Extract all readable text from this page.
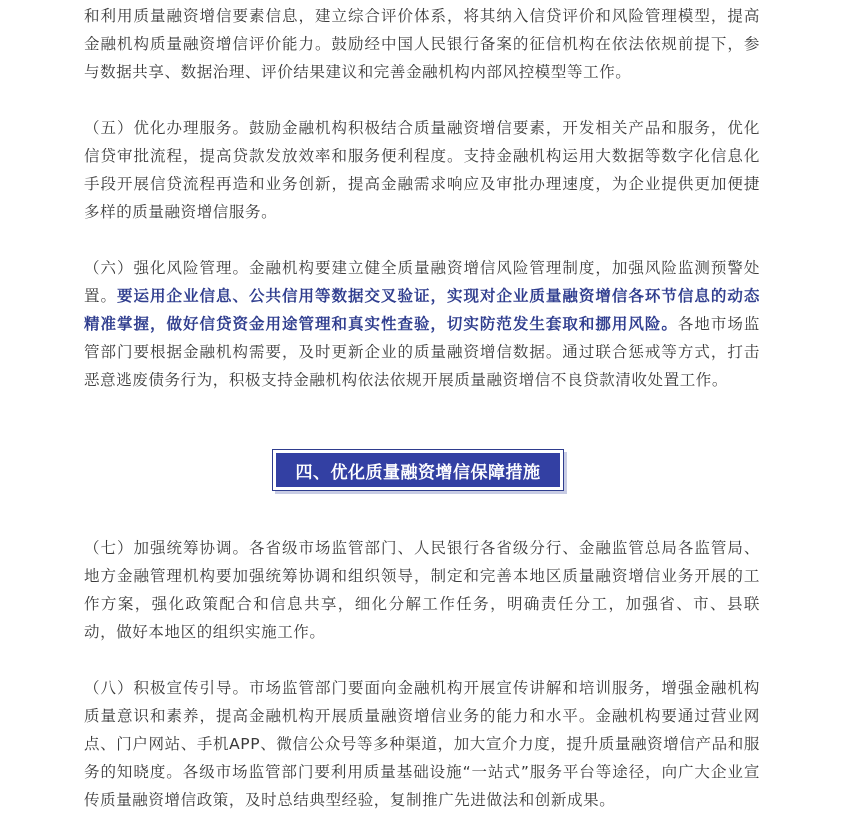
和利用质量融资增信要素信息，建立综合评价体系，将其纳入信贷评价和风险管理模型，提高金融机构质量融资增信评价能力。鼓励经中国人民银行备案的征信机构在依法依规前提下，参与数据共享、数据治理、评价结果建议和完善金融机构内部风控模型等工作。

（五）优化办理服务。鼓励金融机构积极结合质量融资增信要素，开发相关产品和服务，优化信贷审批流程，提高贷款发放效率和服务便利程度。支持金融机构运用大数据等数字化信息化手段开展信贷流程再造和业务创新，提高金融需求响应及审批办理速度，为企业提供更加便捷多样的质量融资增信服务。

（六）强化风险管理。金融机构要建立健全质量融资增信风险管理制度，加强风险监测预警处置。要运用企业信息、公共信用等数据交叉验证，实现对企业质量融资增信各环节信息的动态精准掌握，做好信贷资金用途管理和真实性查验，切实防范发生套取和挪用风险。各地市场监管部门要根据金融机构需要，及时更新企业的质量融资增信数据。通过联合惩戒等方式，打击恶意逃废债务行为，积极支持金融机构依法依规开展质量融资增信不良贷款清收处置工作。

（七）加强统筹协调。各省级市场监管部门、人民银行各省级分行、金融监管总局各监管局、地方金融管理机构要加强统筹协调和组织领导，制定和完善本地区质量融资增信业务开展的工作方案，强化政策配合和信息共享，细化分解工作任务，明确责任分工，加强省、市、县联动，做好本地区的组织实施工作。

（八）积极宣传引导。市场监管部门要面向金融机构开展宣传讲解和培训服务，增强金融机构质量意识和素养，提高金融机构开展质量融资增信业务的能力和水平。金融机构要通过营业网点、门户网站、手机APP、微信公众号等多种渠道，加大宣介力度，提升质量融资增信产品和服务的知晓度。各级市场监管部门要利用质量基础设施“一站式”服务平台等途径，向广大企业宣传质量融资增信政策，及时总结典型经验，复制推广先进做法和创新成果。

四、优化质量融资增信保障措施
